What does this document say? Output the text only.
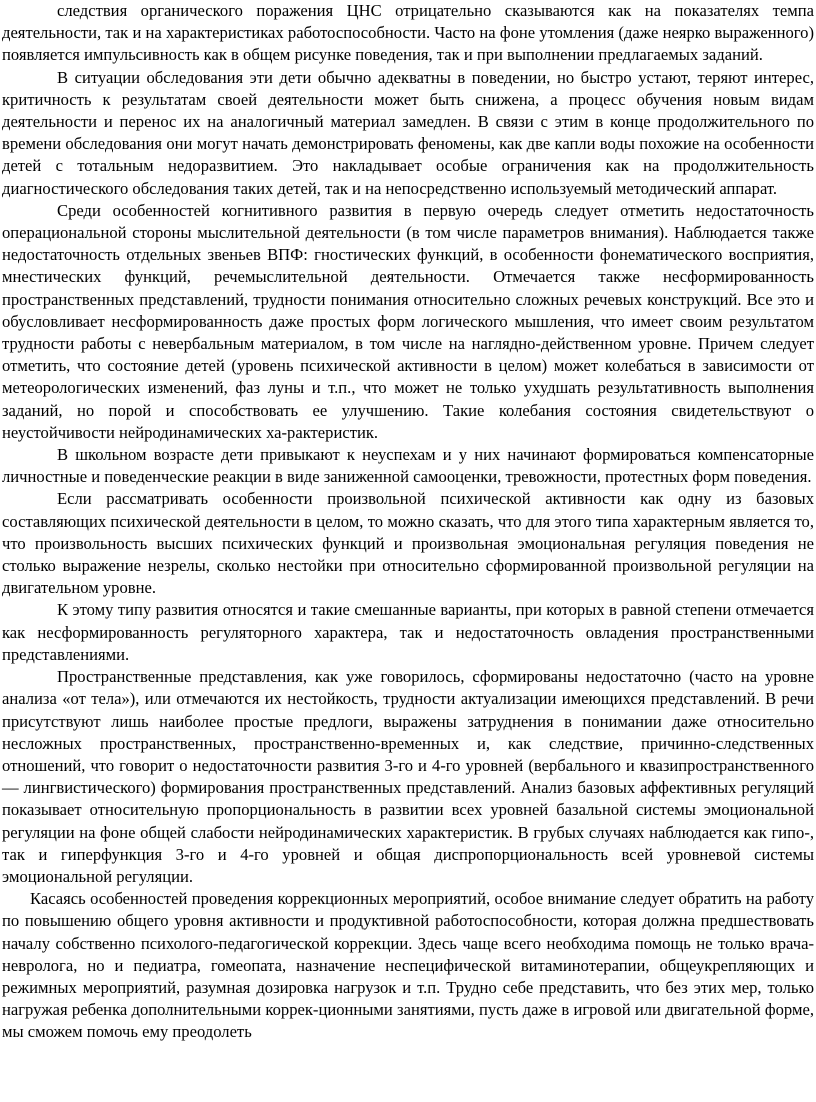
следствия органического поражения ЦНС отрицательно сказываются как на показателях темпа деятельности, так и на характеристиках работоспособности. Часто на фоне утомления (даже неярко выраженного) появляется импульсивность как в общем рисунке поведения, так и при выполнении предлагаемых заданий.

В ситуации обследования эти дети обычно адекватны в поведении, но быстро устают, теряют интерес, критичность к результатам своей деятельности может быть снижена, а процесс обучения новым видам деятельности и перенос их на аналогичный материал замедлен. В связи с этим в конце продолжительного по времени обследования они могут начать демонстрировать феномены, как две капли воды похожие на особенности детей с тотальным недоразвитием. Это накладывает особые ограничения как на продолжительность диагностического обследования таких детей, так и на непосредственно используемый методический аппарат.

Среди особенностей когнитивного развития в первую очередь следует отметить недостаточность операциональной стороны мыслительной деятельности (в том числе параметров внимания). Наблюдается также недостаточность отдельных звеньев ВПФ: гностических функций, в особенности фонематического восприятия, мнестических функций, речемыслительной деятельности. Отмечается также несформированность пространственных представлений, трудности понимания относительно сложных речевых конструкций. Все это и обусловливает несформированность даже простых форм логического мышления, что имеет своим результатом трудности работы с невербальным материалом, в том числе на наглядно-действенном уровне. Причем следует отметить, что состояние детей (уровень психической активности в целом) может колебаться в зависимости от метеорологических изменений, фаз луны и т.п., что может не только ухудшать результативность выполнения заданий, но порой и способствовать ее улучшению. Такие колебания состояния свидетельствуют о неустойчивости нейродинамических ха-рактеристик.

В школьном возрасте дети привыкают к неуспехам и у них начинают формироваться компенсаторные личностные и поведенческие реакции в виде заниженной самооценки, тревожности, протестных форм поведения.

Если рассматривать особенности произвольной психической активности как одну из базовых составляющих психической деятельности в целом, то можно сказать, что для этого типа характерным является то, что произвольность высших психических функций и произвольная эмоциональная регуляция поведения не столько выражение незрелы, сколько нестойки при относительно сформированной произвольной регуляции на двигательном уровне.

К этому типу развития относятся и такие смешанные варианты, при которых в равной степени отмечается как несформированность регуляторного характера, так и недостаточность овладения пространственными представлениями.

Пространственные представления, как уже говорилось, сформированы недостаточно (часто на уровне анализа «от тела»), или отмечаются их нестойкость, трудности актуализации имеющихся представлений. В речи присутствуют лишь наиболее простые предлоги, выражены затруднения в понимании даже относительно несложных пространственных, пространственно-временных и, как следствие, причинно-следственных отношений, что говорит о недостаточности развития 3-го и 4-го уровней (вербального и квазипространственного — лингвистического) формирования пространственных представлений. Анализ базовых аффективных регуляций показывает относительную пропорциональность в развитии всех уровней базальной системы эмоциональной регуляции на фоне общей слабости нейродинамических характеристик. В грубых случаях наблюдается как гипо-, так и гиперфункция 3-го и 4-го уровней и общая диспропорциональность всей уровневой системы эмоциональной регуляции.

Касаясь особенностей проведения коррекционных мероприятий, особое внимание следует обратить на работу по повышению общего уровня активности и продуктивной работоспособности, которая должна предшествовать началу собственно психолого-педагогической коррекции. Здесь чаще всего необходима помощь не только врача-невролога, но и педиатра, гомеопата, назначение неспецифической витаминотерапии, общеукрепляющих и режимных мероприятий, разумная дозировка нагрузок и т.п. Трудно себе представить, что без этих мер, только нагружая ребенка дополнительными коррек-ционными занятиями, пусть даже в игровой или двигательной форме, мы сможем помочь ему преодолеть
